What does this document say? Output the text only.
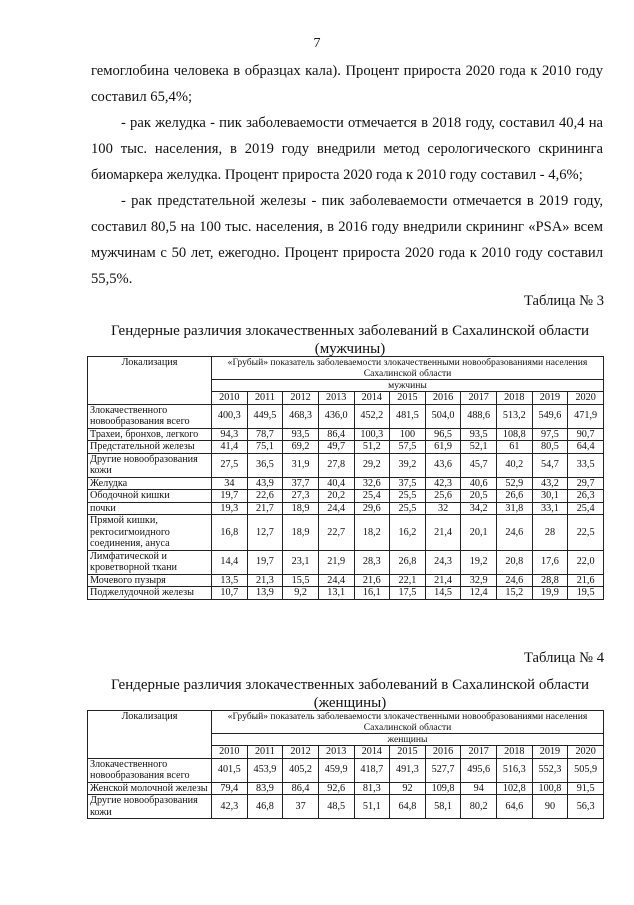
7

гемоглобина человека в образцах кала). Процент прироста 2020 года к 2010 году составил 65,4%;

- рак желудка - пик заболеваемости отмечается в 2018 году, составил 40,4 на 100 тыс. населения, в 2019 году внедрили метод серологического скрининга биомаркера желудка. Процент прироста 2020 года к 2010 году составил - 4,6%;

- рак предстательной железы - пик заболеваемости отмечается в 2019 году, составил 80,5 на 100 тыс. населения, в 2016 году внедрили скрининг «PSA» всем мужчинам с 50 лет, ежегодно. Процент прироста 2020 года к 2010 году составил 55,5%.

Таблица № 3
Гендерные различия злокачественных заболеваний в Сахалинской области (мужчины)
Локализация	«Грубый» показатель заболеваемости злокачественными новообразованиями населения Сахалинской области										
	мужчины										
	2010	2011	2012	2013	2014	2015	2016	2017	2018	2019	2020
Злокачественного новообразования всего	400,3	449,5	468,3	436,0	452,2	481,5	504,0	488,6	513,2	549,6	471,9
Трахеи, бронхов, легкого	94,3	78,7	93,5	86,4	100,3	100	96,5	93,5	108,8	97,5	90,7
Предстательной железы	41,4	75,1	69,2	49,7	51,2	57,5	61,9	52,1	61	80,5	64,4
Другие новообразования кожи	27,5	36,5	31,9	27,8	29,2	39,2	43,6	45,7	40,2	54,7	33,5
Желудка	34	43,9	37,7	40,4	32,6	37,5	42,3	40,6	52,9	43,2	29,7
Ободочной кишки	19,7	22,6	27,3	20,2	25,4	25,5	25,6	20,5	26,6	30,1	26,3
почки	19,3	21,7	18,9	24,4	29,6	25,5	32	34,2	31,8	33,1	25,4
Прямой кишки, ректосигмоидного соединения, ануса	16,8	12,7	18,9	22,7	18,2	16,2	21,4	20,1	24,6	28	22,5
Лимфатической и кроветворной ткани	14,4	19,7	23,1	21,9	28,3	26,8	24,3	19,2	20,8	17,6	22,0
Мочевого пузыря	13,5	21,3	15,5	24,4	21,6	22,1	21,4	32,9	24,6	28,8	21,6
Поджелудочной железы	10,7	13,9	9,2	13,1	16,1	17,5	14,5	12,4	15,2	19,9	19,5
Таблица № 4
Гендерные различия злокачественных заболеваний в Сахалинской области (женщины)
Локализация	«Грубый» показатель заболеваемости злокачественными новообразованиями населения Сахалинской области										
	женщины										
	2010	2011	2012	2013	2014	2015	2016	2017	2018	2019	2020
Злокачественного новообразования всего	401,5	453,9	405,2	459,9	418,7	491,3	527,7	495,6	516,3	552,3	505,9
Женской молочной железы	79,4	83,9	86,4	92,6	81,3	92	109,8	94	102,8	100,8	91,5
Другие новообразования кожи	42,3	46,8	37	48,5	51,1	64,8	58,1	80,2	64,6	90	56,3
